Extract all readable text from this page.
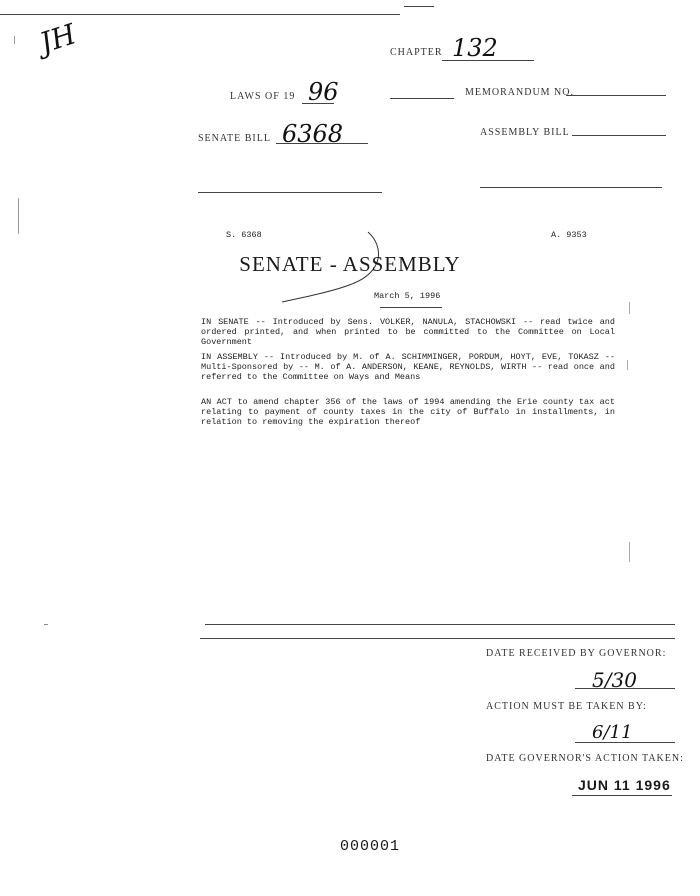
JH	CHAPTER 132
LAWS OF 19 96	MEMORANDUM NO.
SENATE BILL 6368	ASSEMBLY BILL
S. 6368	A. 9353
SENATE - ASSEMBLY
March 5, 1996
IN SENATE -- Introduced by Sens. VOLKER, NANULA, STACHOWSKI -- read twice and ordered printed, and when printed to be committed to the Committee on Local Government
IN ASSEMBLY -- Introduced by M. of A. SCHIMMINGER, PORDUM, HOYT, EVE, TOKASZ -- Multi-Sponsored by -- M. of A. ANDERSON, KEANE, REYNOLDS, WIRTH -- read once and referred to the Committee on Ways and Means
AN ACT to amend chapter 356 of the laws of 1994 amending the Erie county tax act relating to payment of county taxes in the city of Buffalo in installments, in relation to removing the expiration thereof
DATE RECEIVED BY GOVERNOR:
5/30
ACTION MUST BE TAKEN BY:
6/11
DATE GOVERNOR'S ACTION TAKEN:
JUN 11 1996
000001
